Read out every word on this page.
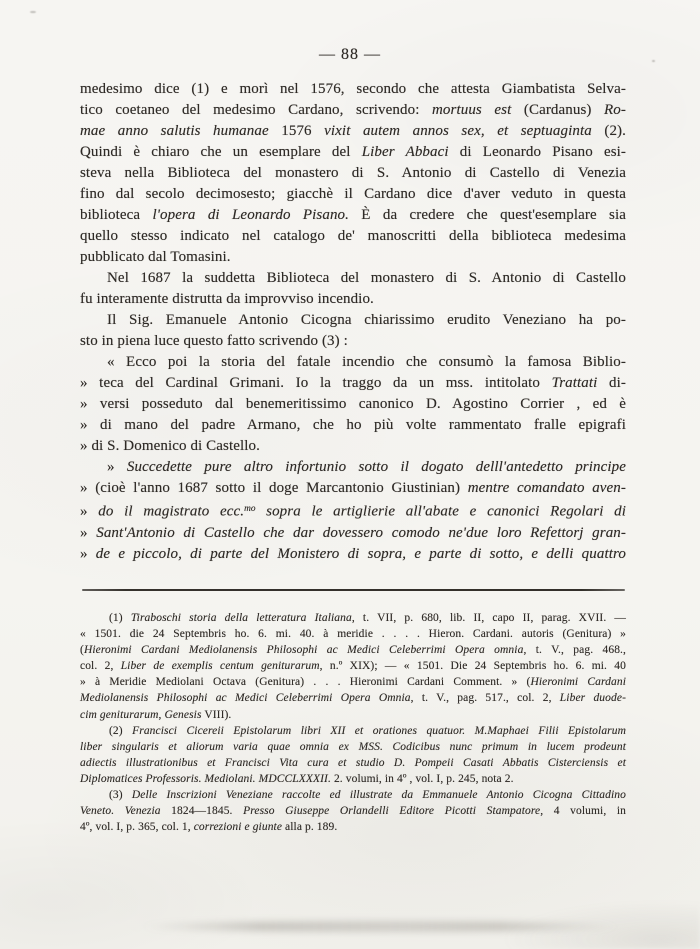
— 88 —
medesimo dice (1) e morì nel 1576, secondo che attesta Giambatista Selva-
tico coetaneo del medesimo Cardano, scrivendo: mortuus est (Cardanus) Ro-
mae anno salutis humanae 1576 vixit autem annos sex, et septuaginta (2).
Quindi è chiaro che un esemplare del Liber Abbaci di Leonardo Pisano esi-
steva nella Biblioteca del monastero di S. Antonio di Castello di Venezia
fino dal secolo decimosesto; giacchè il Cardano dice d'aver veduto in questa
biblioteca l'opera di Leonardo Pisano. È da credere che quest'esemplare sia
quello stesso indicato nel catalogo de' manoscritti della biblioteca medesima
pubblicato dal Tomasini.
Nel 1687 la suddetta Biblioteca del monastero di S. Antonio di Castello
fu interamente distrutta da improvviso incendio.
Il Sig. Emanuele Antonio Cicogna chiarissimo erudito Veneziano ha po-
sto in piena luce questo fatto scrivendo (3) :
« Ecco poi la storia del fatale incendio che consumò la famosa Biblio-
» teca del Cardinal Grimani. Io la traggo da un mss. intitolato Trattati di-
» versi posseduto dal benemeritissimo canonico D. Agostino Corrier , ed è
» di mano del padre Armano, che ho più volte rammentato fralle epigrafi
» di S. Domenico di Castello.
» Succedette pure altro infortunio sotto il dogato delll'antedetto principe
» (cioè l'anno 1687 sotto il doge Marcantonio Giustinian) mentre comandato aven-
» do il magistrato ecc.$^{mo}$ sopra le artiglierie all'abate e canonici Regolari di
» Sant'Antonio di Castello che dar dovessero comodo ne'due loro Refettorj gran-
» de e piccolo, di parte del Monistero di sopra, e parte di sotto, e delli quattro
(1) Tiraboschi storia della letteratura Italiana, t. VII, p. 680, lib. II, capo II, parag. XVII. —
« 1501. die 24 Septembris ho. 6. mi. 40. à meridie . . . . Hieron. Cardani. autoris (Genitura) »
(Hieronimi Cardani Mediolanensis Philosophi ac Medici Celeberrimi Opera omnia, t. V., pag. 468.,
col. 2, Liber de exemplis centum geniturarum, n.º XIX); — « 1501. Die 24 Septembris ho. 6. mi. 40
» à Meridie Mediolani Octava (Genitura) . . . Hieronimi Cardani Comment. » (Hieronimi Cardani
Mediolanensis Philosophi ac Medici Celeberrimi Opera Omnia, t. V., pag. 517., col. 2, Liber duode-
cim geniturarum, Genesis VIII).
(2) Francisci Cicereii Epistolarum libri XII et orationes quatuor. M.Maphaei Filii Epistolarum
liber singularis et aliorum varia quae omnia ex MSS. Codicibus nunc primum in lucem prodeunt
adiectis illustrationibus et Francisci Vita cura et studio D. Pompeii Casati Abbatis Cisterciensis et
Diplomatices Professoris. Mediolani. MDCCLXXXII. 2. volumi, in 4º , vol. I, p. 245, nota 2.
(3) Delle Inscrizioni Veneziane raccolte ed illustrate da Emmanuele Antonio Cicogna Cittadino
Veneto. Venezia 1824—1845. Presso Giuseppe Orlandelli Editore Picotti Stampatore, 4 volumi, in
4º, vol. I, p. 365, col. 1, correzioni e giunte alla p. 189.
